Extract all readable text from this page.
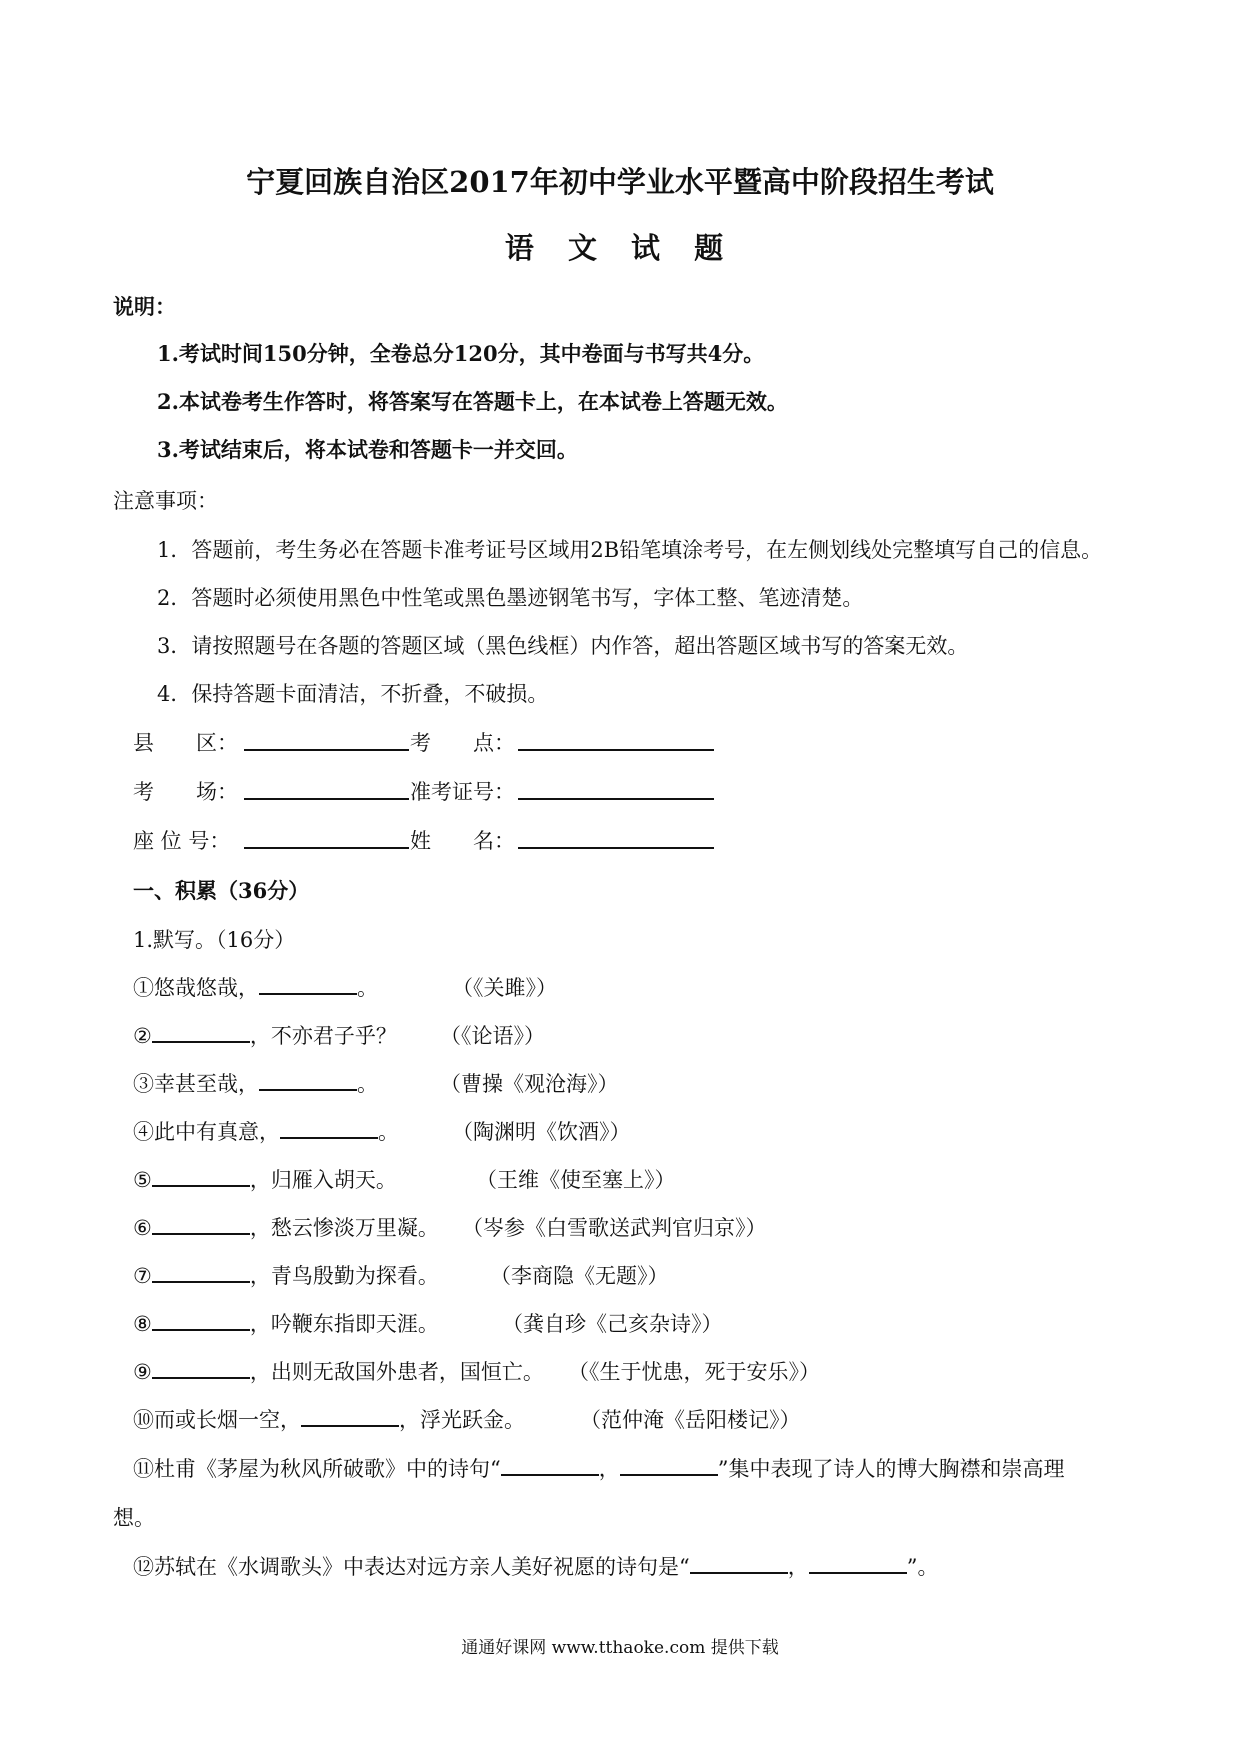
宁夏回族自治区2017年初中学业水平暨高中阶段招生考试
语 文 试 题
说明：
1.考试时间150分钟，全卷总分120分，其中卷面与书写共4分。
2.本试卷考生作答时，将答案写在答题卡上，在本试卷上答题无效。
3.考试结束后，将本试卷和答题卡一并交回。
注意事项：
1．答题前，考生务必在答题卡准考证号区域用2B铅笔填涂考号，在左侧划线处完整填写自己的信息。
2．答题时必须使用黑色中性笔或黑色墨迹钢笔书写，字体工整、笔迹清楚。
3．请按照题号在各题的答题区域（黑色线框）内作答，超出答题区域书写的答案无效。
4．保持答题卡面清洁，不折叠，不破损。
县　　区：	考　　点：
考　　场：	准考证号：
座 位 号：	姓　　名：
一、积累（36分）
1.默写。（16分）
①悠哉悠哉，	。	（《关雎》）
②	，不亦君子乎？ （《论语》）
③幸甚至哉，	。	（曹操《观沧海》）
④此中有真意，	。	（陶渊明《饮酒》）
⑤	，归雁入胡天。	（王维《使至塞上》）
⑥	，愁云惨淡万里凝。 （岑参《白雪歌送武判官归京》）
⑦	，青鸟殷勤为探看。 （李商隐《无题》）
⑧	，吟鞭东指即天涯。	（龚自珍《己亥杂诗》）
⑨	，出则无敌国外患者，国恒亡。 （《生于忧患，死于安乐》）
⑩而或长烟一空，	，浮光跃金。	（范仲淹《岳阳楼记》）
⑪杜甫《茅屋为秋风所破歌》中的诗句“	，	”集中表现了诗人的博大胸襟和崇高理
想。
⑫苏轼在《水调歌头》中表达对远方亲人美好祝愿的诗句是“	，	”。
通通好课网 www.tthaoke.com 提供下载
